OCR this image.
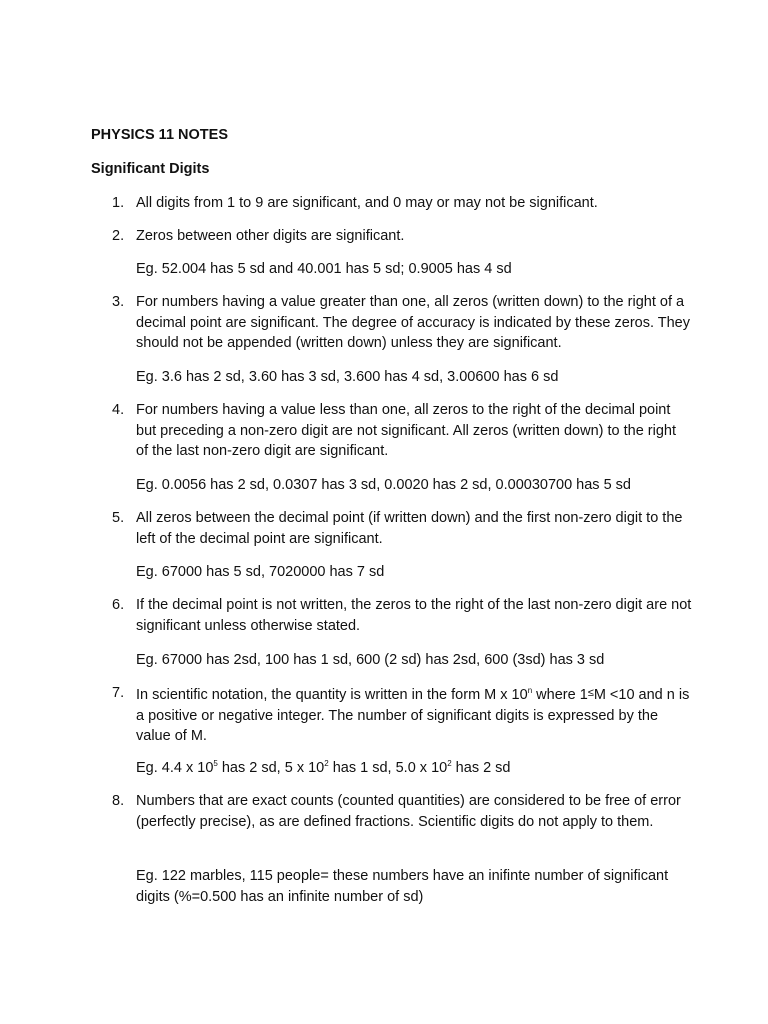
PHYSICS 11 NOTES
Significant Digits
1. All digits from 1 to 9 are significant, and 0 may or may not be significant.
2. Zeros between other digits are significant.
Eg. 52.004 has 5 sd and 40.001 has 5 sd; 0.9005 has 4 sd
3. For numbers having a value greater than one, all zeros (written down) to the right of a decimal point are significant. The degree of accuracy is indicated by these zeros. They should not be appended (written down) unless they are significant.
Eg. 3.6 has 2 sd, 3.60 has 3 sd, 3.600 has 4 sd, 3.00600 has 6 sd
4. For numbers having a value less than one, all zeros to the right of the decimal point but preceding a non-zero digit are not significant. All zeros (written down) to the right of the last non-zero digit are significant.
Eg. 0.0056 has 2 sd, 0.0307 has 3 sd, 0.0020 has 2 sd, 0.00030700 has 5 sd
5. All zeros between the decimal point (if written down) and the first non-zero digit to the left of the decimal point are significant.
Eg. 67000 has 5 sd, 7020000 has 7 sd
6. If the decimal point is not written, the zeros to the right of the last non-zero digit are not significant unless otherwise stated.
Eg. 67000 has 2sd, 100 has 1 sd, 600 (2 sd) has 2sd, 600 (3sd) has 3 sd
7. In scientific notation, the quantity is written in the form M x 10$^n$ where 1≤M <10 and n is a positive or negative integer. The number of significant digits is expressed by the value of M.
Eg. 4.4 x $10^5$ has 2 sd, 5 x $10^2$ has 1 sd, 5.0 x $10^2$ has 2 sd
8. Numbers that are exact counts (counted quantities) are considered to be free of error (perfectly precise), as are defined fractions. Scientific digits do not apply to them.
Eg. 122 marbles, 115 people= these numbers have an inifinte number of significant digits (%=0.500 has an infinite number of sd)
